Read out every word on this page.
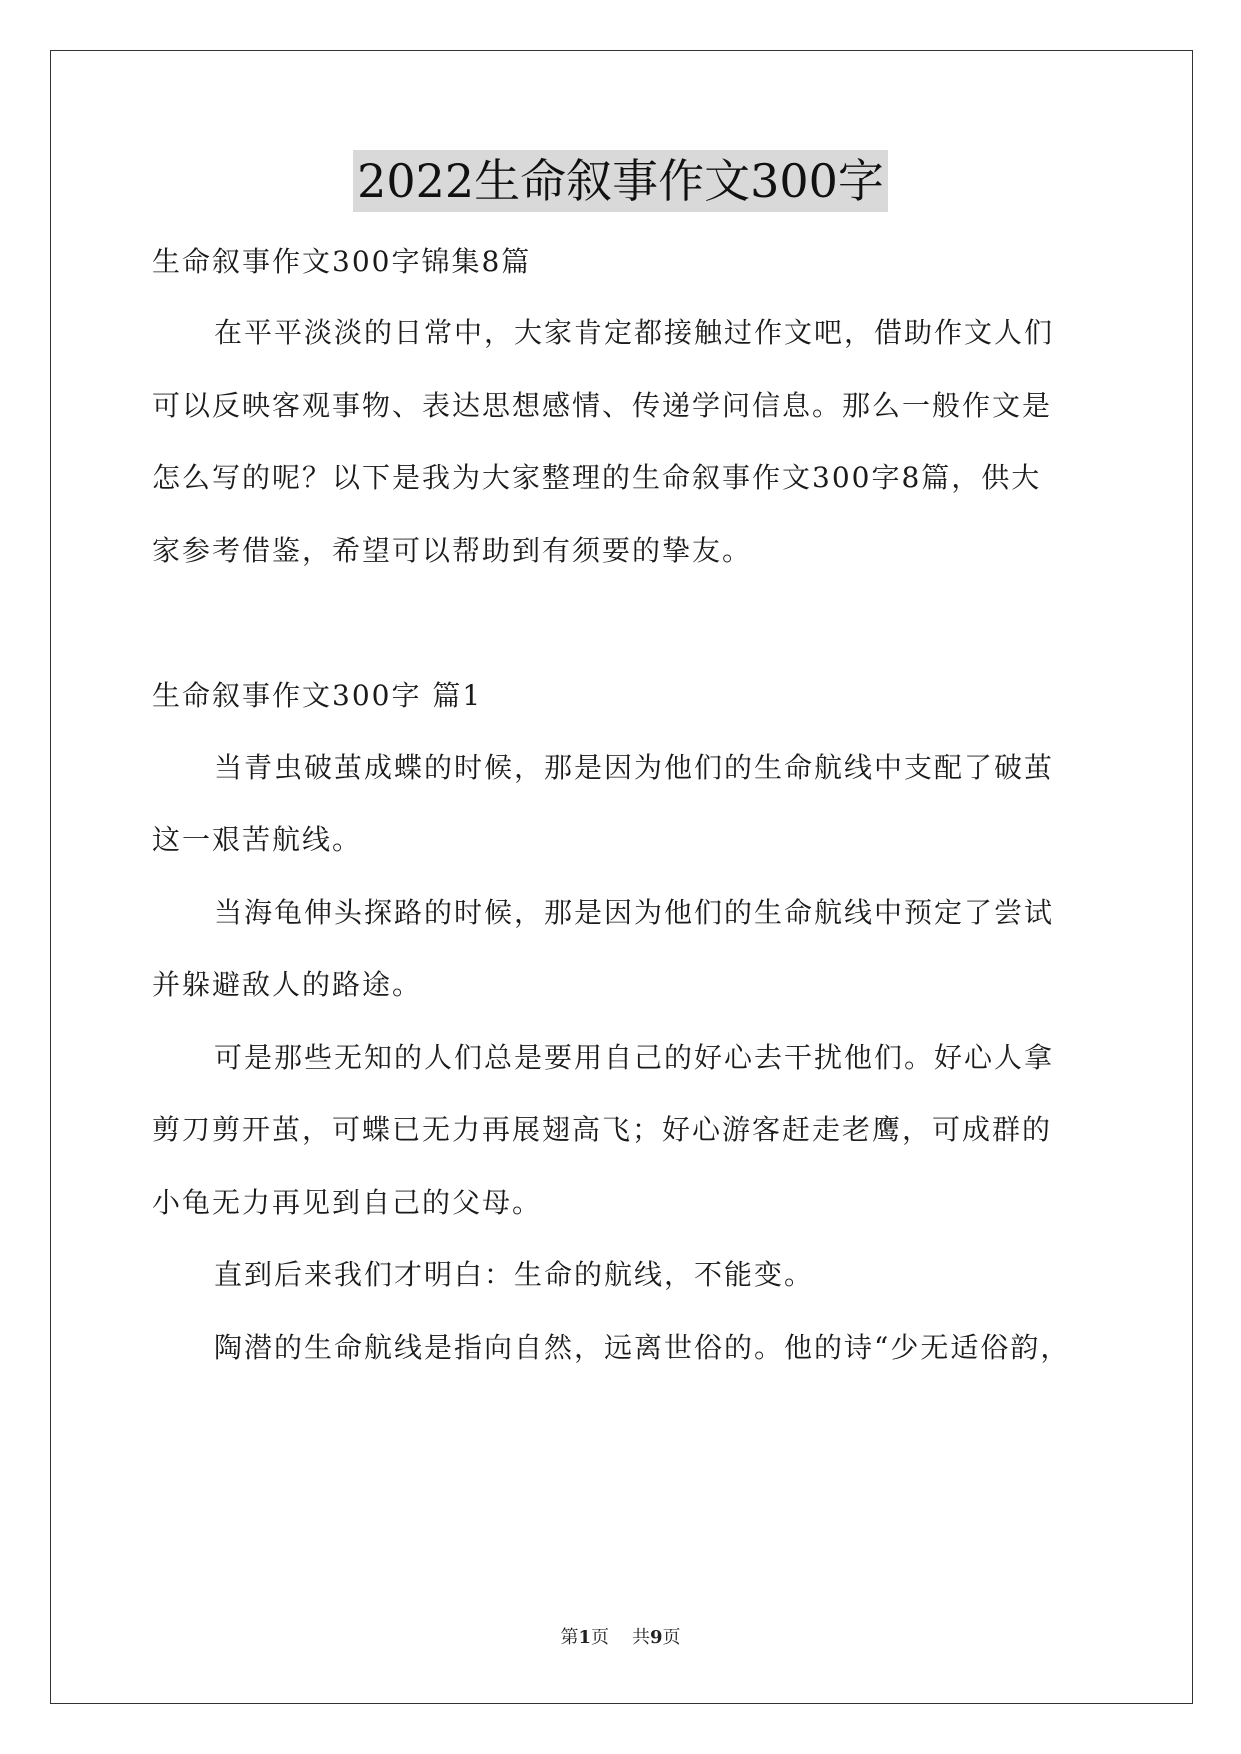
2022生命叙事作文300字
生命叙事作文300字锦集8篇
在平平淡淡的日常中，大家肯定都接触过作文吧，借助作文人们
可以反映客观事物、表达思想感情、传递学问信息。那么一般作文是
怎么写的呢？以下是我为大家整理的生命叙事作文300字8篇，供大
家参考借鉴，希望可以帮助到有须要的挚友。
生命叙事作文300字 篇1
当青虫破茧成蝶的时候，那是因为他们的生命航线中支配了破茧
这一艰苦航线。
当海龟伸头探路的时候，那是因为他们的生命航线中预定了尝试
并躲避敌人的路途。
可是那些无知的人们总是要用自己的好心去干扰他们。好心人拿
剪刀剪开茧，可蝶已无力再展翅高飞；好心游客赶走老鹰，可成群的
小龟无力再见到自己的父母。
直到后来我们才明白：生命的航线，不能变。
陶潜的生命航线是指向自然，远离世俗的。他的诗“少无适俗韵，
第1页 共9页
